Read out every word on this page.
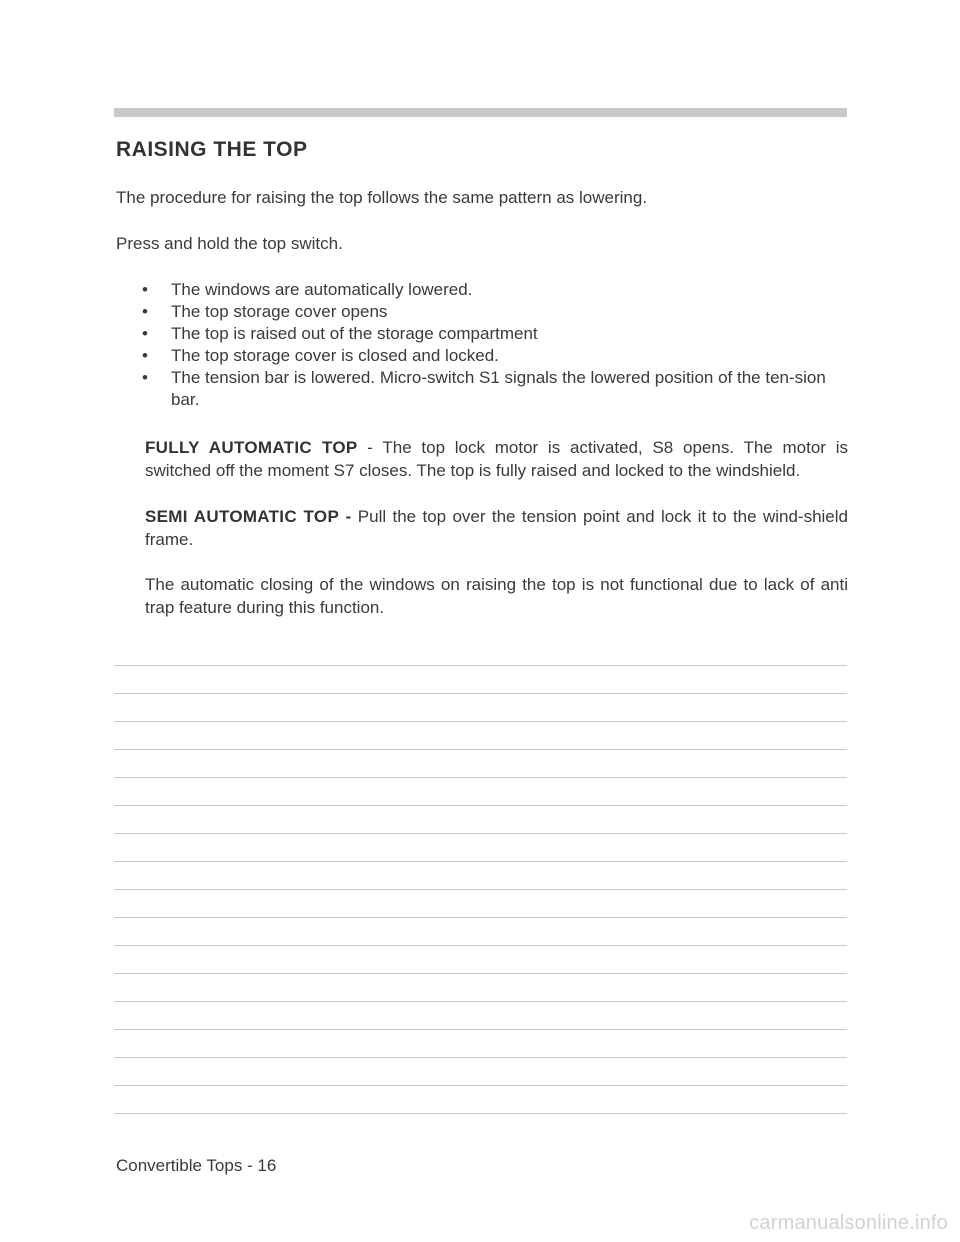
RAISING THE TOP

The procedure for raising the top follows the same pattern as lowering.

Press and hold the top switch.

• The windows are automatically lowered.
• The top storage cover opens
• The top is raised out of the storage compartment
• The top storage cover is closed and locked.
• The tension bar is lowered. Micro-switch S1 signals the lowered position of the ten-sion bar.

FULLY AUTOMATIC TOP - The top lock motor is activated, S8 opens. The motor is switched off the moment S7 closes. The top is fully raised and locked to the windshield.

SEMI AUTOMATIC TOP - Pull the top over the tension point and lock it to the wind-shield frame.

The automatic closing of the windows on raising the top is not functional due to lack of anti trap feature during this function.

Convertible Tops - 16

carmanualsonline.info
